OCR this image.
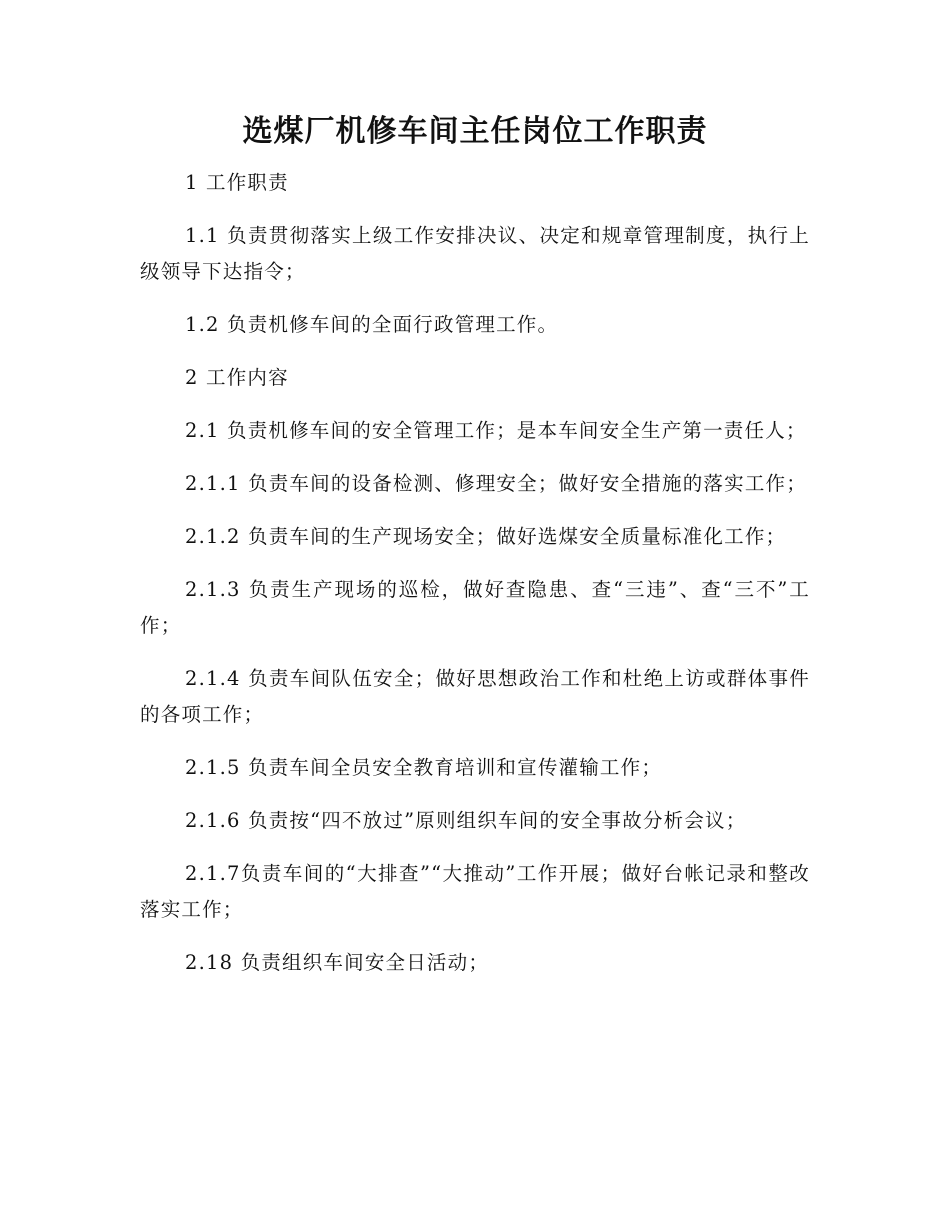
选煤厂机修车间主任岗位工作职责

1 工作职责

1.1 负责贯彻落实上级工作安排决议、决定和规章管理制度，执行上级领导下达指令；

1.2 负责机修车间的全面行政管理工作。

2 工作内容

2.1 负责机修车间的安全管理工作；是本车间安全生产第一责任人；

2.1.1 负责车间的设备检测、修理安全；做好安全措施的落实工作；

2.1.2 负责车间的生产现场安全；做好选煤安全质量标准化工作；

2.1.3 负责生产现场的巡检，做好查隐患、查“三违”、查“三不”工作；

2.1.4 负责车间队伍安全；做好思想政治工作和杜绝上访或群体事件的各项工作；

2.1.5 负责车间全员安全教育培训和宣传灌输工作；

2.1.6 负责按“四不放过”原则组织车间的安全事故分析会议；

2.1.7负责车间的“大排查”“大推动”工作开展；做好台帐记录和整改落实工作；

2.18 负责组织车间安全日活动；
